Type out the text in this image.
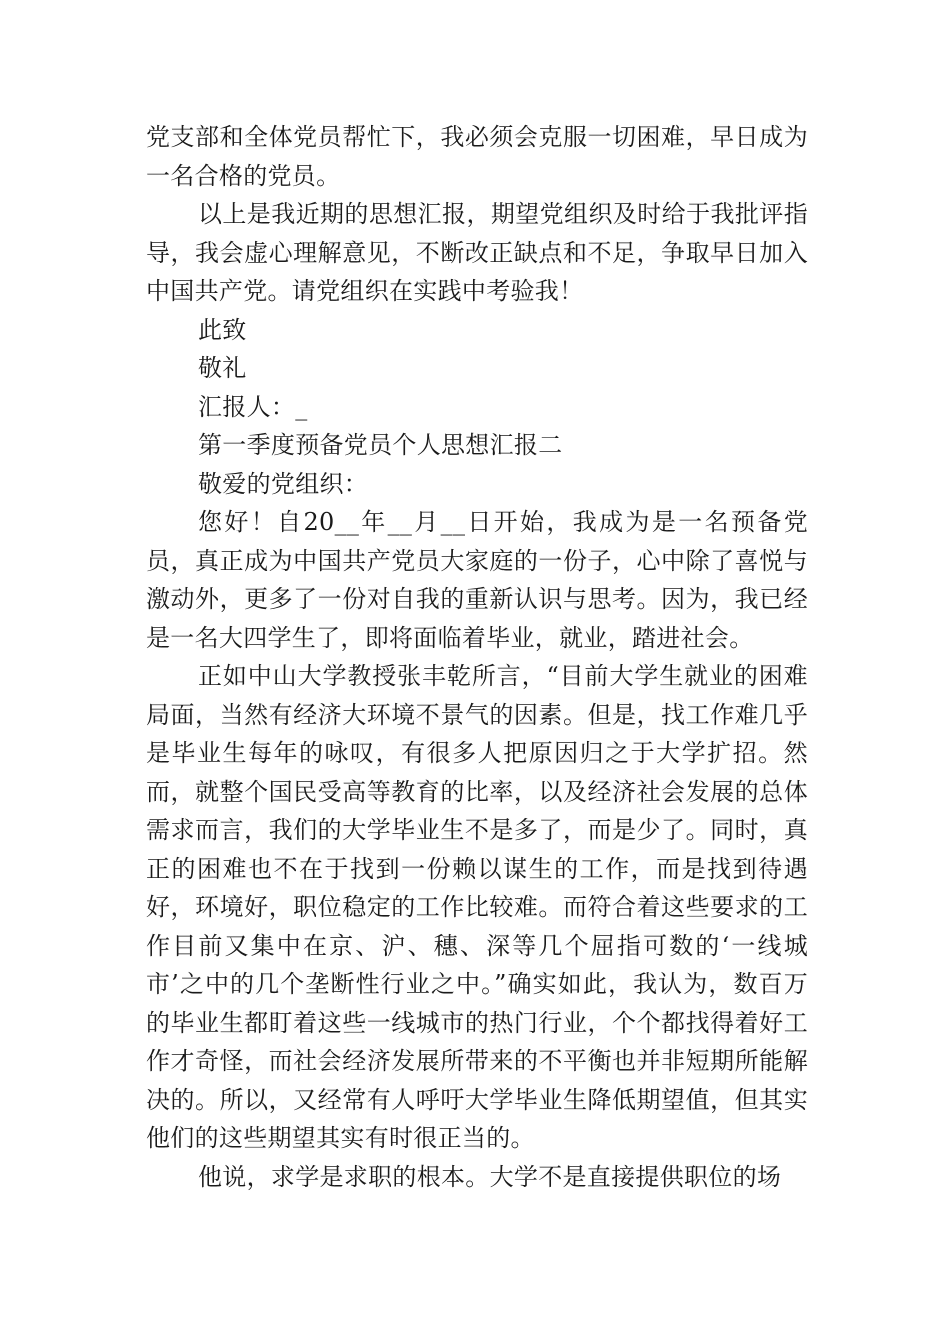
党支部和全体党员帮忙下，我必须会克服一切困难，早日成为一名合格的党员。

以上是我近期的思想汇报，期望党组织及时给于我批评指导，我会虚心理解意见，不断改正缺点和不足，争取早日加入中国共产党。请党组织在实践中考验我！

此致

敬礼

汇报人：_

第一季度预备党员个人思想汇报二

敬爱的党组织：

您好！自20__年__月__日开始，我成为是一名预备党员，真正成为中国共产党员大家庭的一份子，心中除了喜悦与激动外，更多了一份对自我的重新认识与思考。因为，我已经是一名大四学生了，即将面临着毕业，就业，踏进社会。

正如中山大学教授张丰乾所言，“目前大学生就业的困难局面，当然有经济大环境不景气的因素。但是，找工作难几乎是毕业生每年的咏叹，有很多人把原因归之于大学扩招。然而，就整个国民受高等教育的比率，以及经济社会发展的总体需求而言，我们的大学毕业生不是多了，而是少了。同时，真正的困难也不在于找到一份赖以谋生的工作，而是找到待遇好，环境好，职位稳定的工作比较难。而符合着这些要求的工作目前又集中在京、沪、穗、深等几个屈指可数的‘一线城市’之中的几个垄断性行业之中。”确实如此，我认为，数百万的毕业生都盯着这些一线城市的热门行业，个个都找得着好工作才奇怪，而社会经济发展所带来的不平衡也并非短期所能解决的。所以，又经常有人呼吁大学毕业生降低期望值，但其实他们的这些期望其实有时很正当的。

他说，求学是求职的根本。大学不是直接提供职位的场
